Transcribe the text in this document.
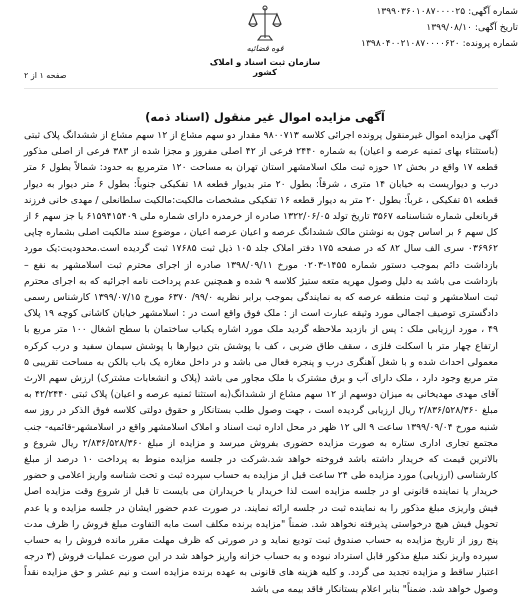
شماره آگهی: ۱۳۹۹۰۳۶۰۱۰۸۷۰۰۰۰۲۵
تاریخ آگهی: ۱۳۹۹/۰۸/۱۰
شماره پرونده: ۱۳۹۸۰۴۰۰۲۱۰۸۷۰۰۰۰۶۲۰
قوه قضائیه
سازمان ثبت اسناد و املاک کشور
صفحه ۱ از ۲
آگهی مزایده اموال غیر منقول (اسناد ذمه)

آگهی مزایده اموال غیرمنقول پرونده اجرائی کلاسه ۹۸۰۰۷۱۳ مقدار دو سهم مشاع از ۱۲ سهم مشاع از ششدانگ پلاک ثبتی (باستثناء بهای ثمنیه عرصه و اعیان) به شماره ۲۴۴۰ فرعی از ۴۲ اصلی مفروز و مجزا شده از ۳۸۳ فرعی از اصلی مذکور قطعه ۱۷ واقع در بخش ۱۲ حوزه ثبت ملک اسلامشهر استان تهران به مساحت ۱۲۰ مترمربع به حدود: شمالاً بطول ۶ متر درب و دیواریست به خیابان ۱۴ متری ، شرقاً: بطول ۲۰ متر بدیوار قطعه ۱۸ تفکیکی جنوباً: بطول ۶ متر دیوار به دیوار قطعه ۵۱ تفکیکی ، غرباً: بطول ۲۰ متر به دیوار قطعه ۱۶ تفکیکی مشخصات مالکیت:مالکیت سلطانعلی / مهدی خانی فرزند قربانعلی شماره شناسنامه ۳۵۶۷ تاریخ تولد ۱۳۲۲/۰۶/۰۵ صادره از خرمدره دارای شماره ملی ۶۱۵۹۴۱۵۴۰۹ با جز سهم ۶ از کل سهم ۶ بر اساس چون به نوشتن مالک ششدانگ عرصه و اعیان عرصه اعیان ، موضوع سند مالکیت اصلی بشماره چاپی ۰۳۶۹۶۲ سری الف سال ۸۲ که در صفحه ۱۷۵ دفتر املاک جلد ۱۰۵ ذیل ثبت ۱۷۶۸۵ ثبت گردیده است.محدودیت:یک مورد بازداشت دائم بموجب دستور شماره ۱۴۵۵-۰۲۰۳ مورخ ۱۳۹۸/۰۹/۱۱ صادره از اجرای محترم ثبت اسلامشهر به نفع – بازداشت می باشد به دلیل وصول مهریه متعه ستیژ کلاسه ۹ شده و همچنین عدم پرداخت نامه اجرائیه که به اجرای محترم ثبت اسلامشهر و ثبت منطقه عرصه که به نمایندگی بموجب برابر نظریه ۹۹/۰/ ۶۳۷۰ مورخ ۱۳۹۹/۰۷/۱۵ کارشناس رسمی دادگستری توصیف اجمالی مورد وثیقه عبارت است از : ملک فوق واقع است در : اسلامشهر خیابان کاشانی کوچه ۱۹ پلاک ۴۹ ، مورد ارزیابی ملک : پس از بازدید ملاحظه گردید ملک مورد اشاره یکباب ساختمان با سطح اشغال ۱۰۰ متر مربع با ارتفاع چهار متر با اسکلت فلزی ، سقف طاق ضربی ، کف با پوشش بتن دیوارها با پوشش سیمان سفید و درب کرکره معمولی احداث شده و با شغل آهنگری درب و پنجره فعال می باشد و در داخل مغازه یک باب بالکن به مساحت تقریبی ۵ متر مربع وجود دارد ، ملک دارای آب و برق مشترک با ملک مجاور می باشد (پلاک و انشعابات مشترک) ارزش سهم الارث آقای مهدی مهدیخانی به میزان دوسهم از ۱۲ سهم مشاع از ششدانگ(به استثنا ثمنیه عرصه و اعیان) پلاک ثبتی ۴۲/۲۴۴۰ به مبلغ ۲/۸۳۶/۵۲۸/۳۶۰ ریال ارزیابی گردیده است ، جهت وصول طلب بستانکار و حقوق دولتی کلاسه فوق الذکر در روز سه شنبه مورخ ۱۳۹۹/۰۹/۰۴ ساعت ۹ الی ۱۲ ظهر در محل اداره ثبت اسناد و املاک اسلامشهر واقع در اسلامشهر-قائمیه- جنب مجتمع تجاری اداری ستاره به صورت مزایده حضوری بفروش میرسد و مزایده از مبلغ ۲/۸۳۶/۵۲۸/۳۶۰ ریال شروع و بالاترین قیمت که خریدار داشته باشد فروخته خواهد شد.شرکت در جلسه مزایده منوط به پرداخت ۱۰ درصد از مبلغ کارشناسی (ارزیابی) مورد مزایده طی ۲۴ ساعت قبل از مزایده به حساب سپرده ثبت و تحت شناسه واریز اعلامی و حضور خریدار یا نماینده قانونی او در جلسه مزایده است لذا خریدار یا خریداران می بایست تا قبل از شروع وقت مزایده اصل فیش واریزی مبلغ مذکور را به نماینده ثبت در جلسه ارائه نمایند. در صورت عدم حضور ایشان در جلسه مزایده و یا عدم تحویل فیش هیچ درخواستی پذیرفته نخواهد شد. ضمناً "مزایده برنده مکلف است مابه التفاوت مبلغ فروش را ظرف مدت پنج روز از تاریخ مزایده به حساب صندوق ثبت تودیع نماید و در صورتی که ظرف مهلت مقرر مانده فروش را به حساب سپرده واریز نکند مبلغ مذکور قابل استرداد نبوده و به حساب خزانه واریز خواهد شد در این صورت عملیات فروش (۳ درجه اعتبار ساقط و مزایده تجدید می گردد. و کلیه هزینه های قانونی به عهده برنده مزایده است و نیم عشر و حق مزایده نقداً وصول خواهد شد. ضمناً" بنابر اعلام بستانکار فاقد بیمه می باشد
